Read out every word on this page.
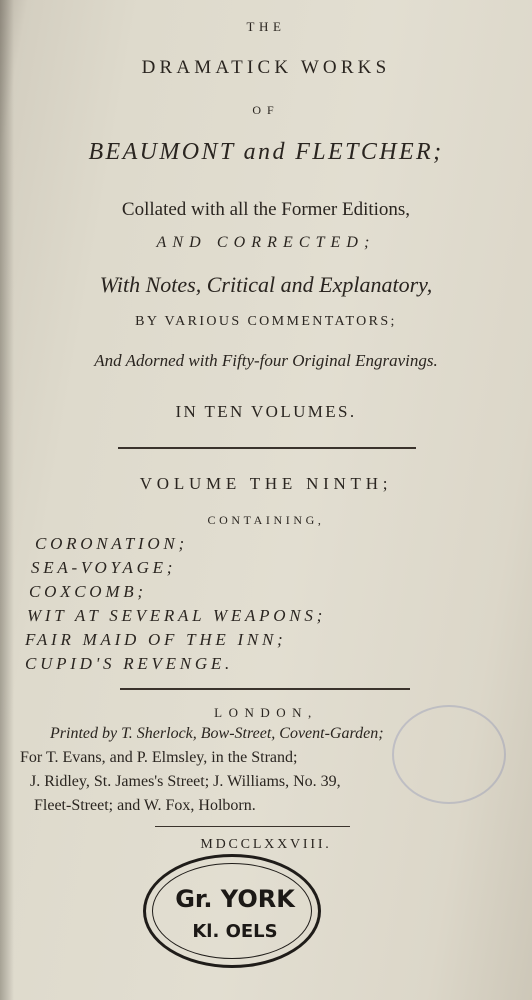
THE
DRAMATICK WORKS
OF
BEAUMONT and FLETCHER;
Collated with all the Former Editions,
AND CORRECTED;
With Notes, Critical and Explanatory,
BY VARIOUS COMMENTATORS;
And Adorned with Fifty-four Original Engravings.
IN TEN VOLUMES.
VOLUME THE NINTH;
CONTAINING,
CORONATION;
SEA-VOYAGE;
COXCOMB;
WIT AT SEVERAL WEAPONS;
FAIR MAID OF THE INN;
CUPID'S REVENGE.
LONDON,
Printed by T. Sherlock, Bow-Street, Covent-Garden;
For T. Evans, and P. Elmsley, in the Strand;
J. Ridley, St. James's Street; J. Williams, No. 39,
Fleet-Street; and W. Fox, Holborn.
MDCCLXXVIII.
Gr. YORK
Kl. OELS
